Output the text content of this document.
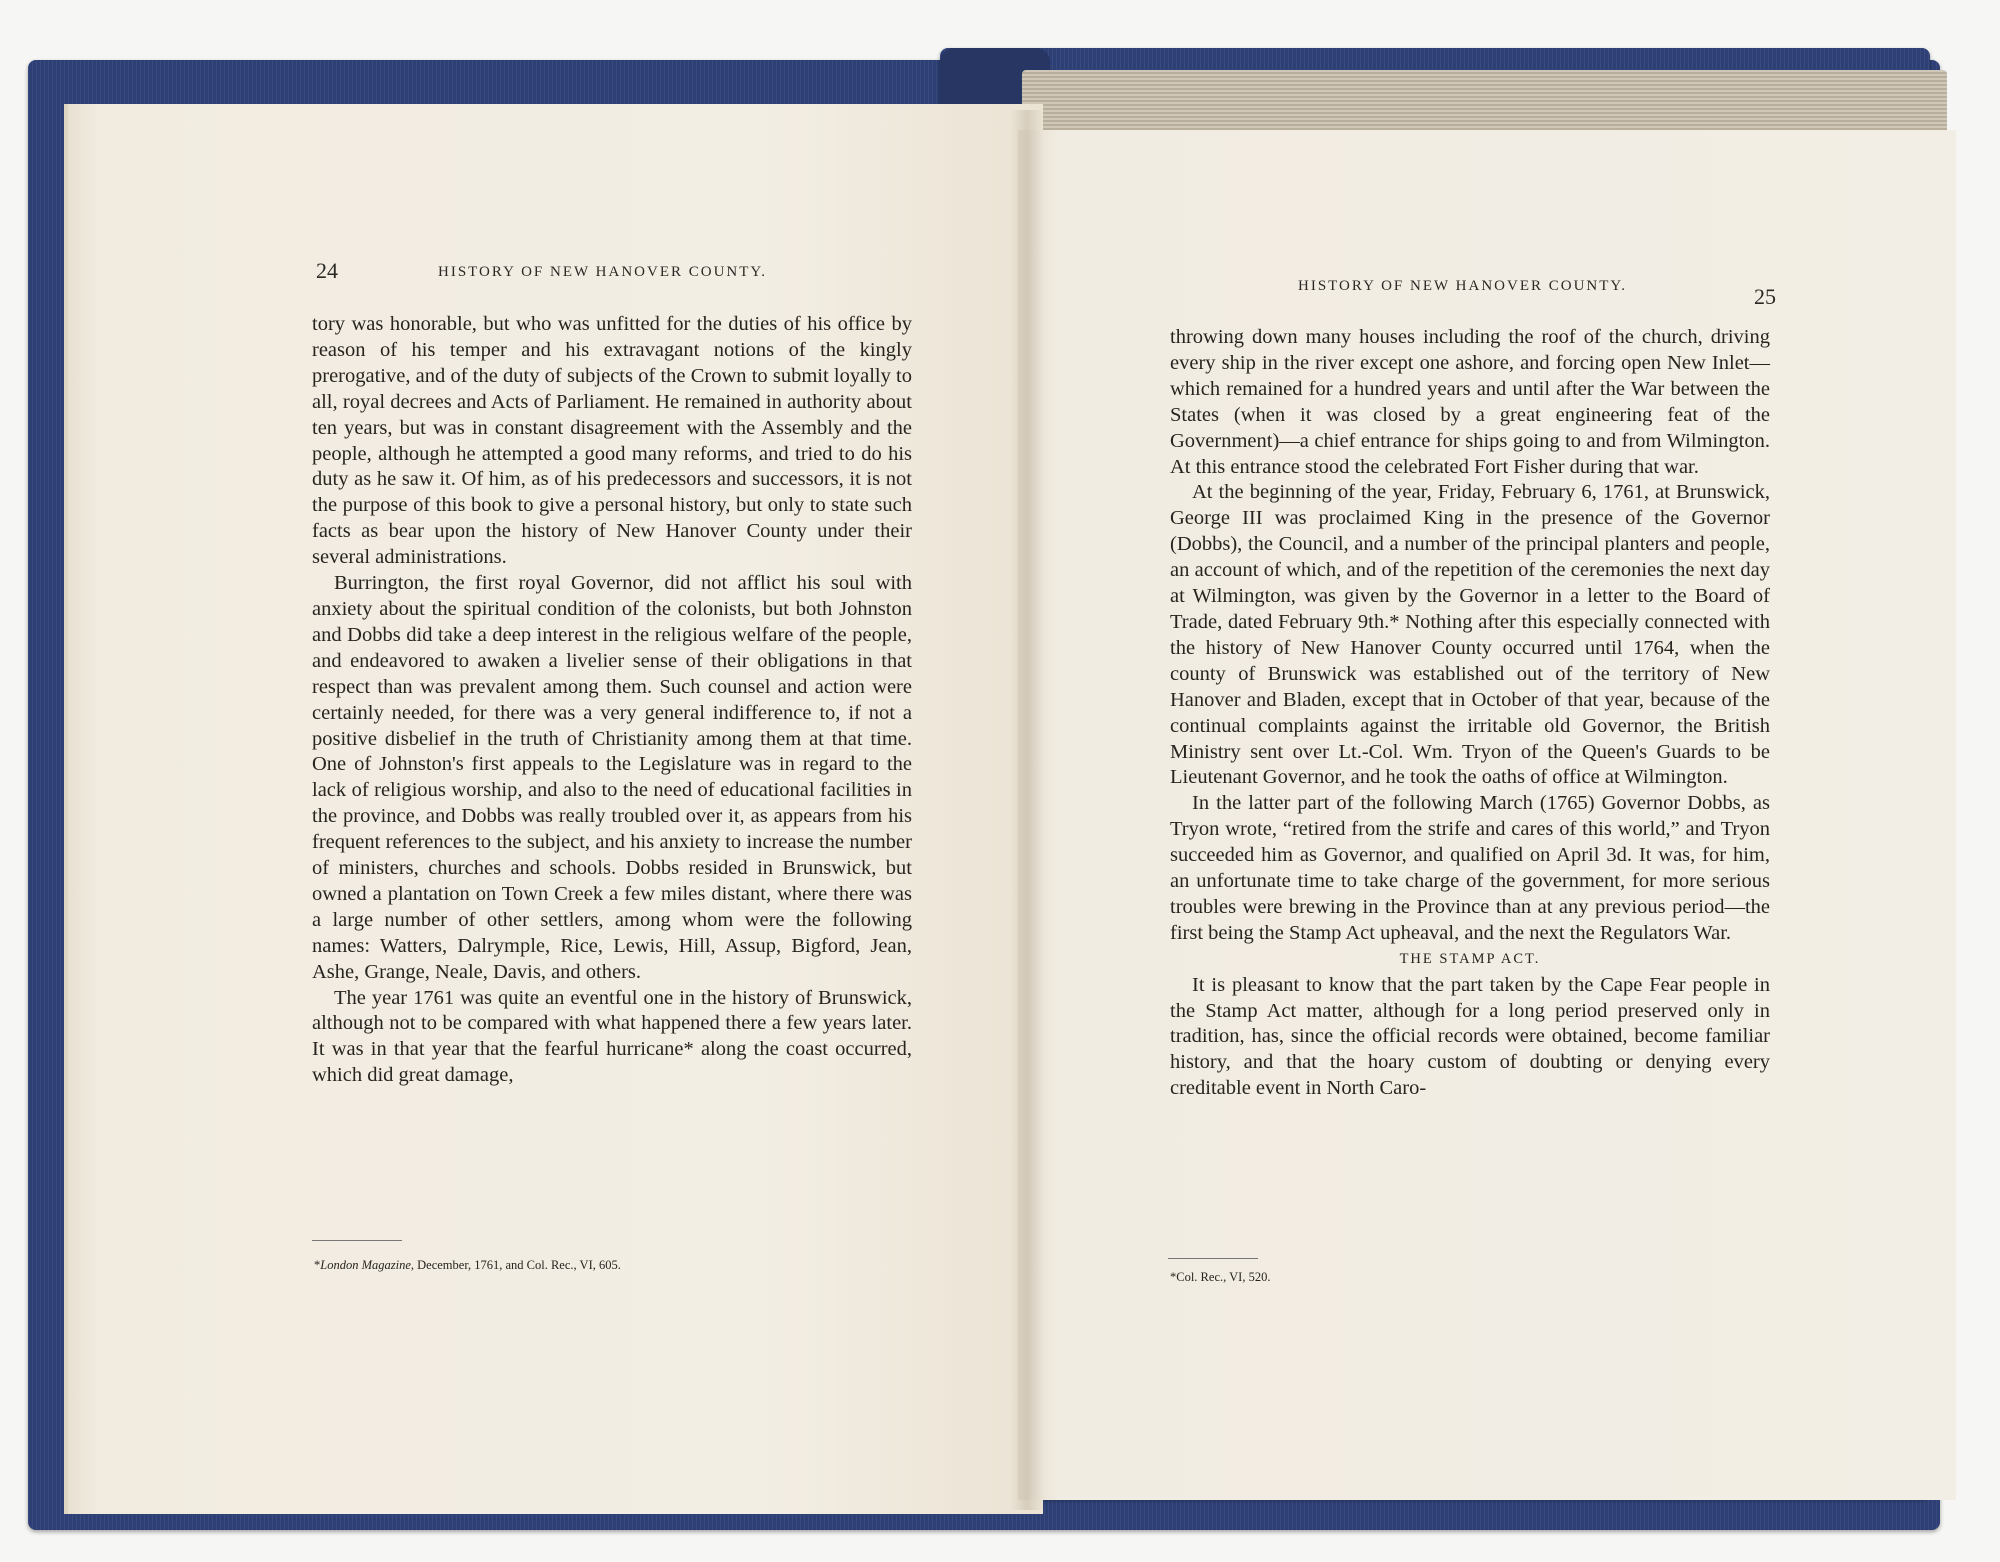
24	HISTORY OF NEW HANOVER COUNTY.

tory was honorable, but who was unfitted for the duties of his office by reason of his temper and his extravagant notions of the kingly prerogative, and of the duty of subjects of the Crown to submit loyally to all, royal decrees and Acts of Parliament. He remained in authority about ten years, but was in constant disagreement with the Assembly and the people, although he attempted a good many reforms, and tried to do his duty as he saw it. Of him, as of his predecessors and successors, it is not the purpose of this book to give a personal history, but only to state such facts as bear upon the history of New Hanover County under their several administrations.

Burrington, the first royal Governor, did not afflict his soul with anxiety about the spiritual condition of the colonists, but both Johnston and Dobbs did take a deep interest in the religious welfare of the people, and endeavored to awaken a livelier sense of their obligations in that respect than was prevalent among them. Such counsel and action were certainly needed, for there was a very general indifference to, if not a positive disbelief in the truth of Christianity among them at that time. One of Johnston's first appeals to the Legislature was in regard to the lack of religious worship, and also to the need of educational facilities in the province, and Dobbs was really troubled over it, as appears from his frequent references to the subject, and his anxiety to increase the number of ministers, churches and schools. Dobbs resided in Brunswick, but owned a plantation on Town Creek a few miles distant, where there was a large number of other settlers, among whom were the following names: Watters, Dalrymple, Rice, Lewis, Hill, Assup, Bigford, Jean, Ashe, Grange, Neale, Davis, and others.

The year 1761 was quite an eventful one in the history of Brunswick, although not to be compared with what happened there a few years later. It was in that year that the fearful hurricane* along the coast occurred, which did great damage,

*London Magazine, December, 1761, and Col. Rec., VI, 605.
HISTORY OF NEW HANOVER COUNTY.	25

throwing down many houses including the roof of the church, driving every ship in the river except one ashore, and forcing open New Inlet—which remained for a hundred years and until after the War between the States (when it was closed by a great engineering feat of the Government)—a chief entrance for ships going to and from Wilmington. At this entrance stood the celebrated Fort Fisher during that war.

At the beginning of the year, Friday, February 6, 1761, at Brunswick, George III was proclaimed King in the presence of the Governor (Dobbs), the Council, and a number of the principal planters and people, an account of which, and of the repetition of the ceremonies the next day at Wilmington, was given by the Governor in a letter to the Board of Trade, dated February 9th.* Nothing after this especially connected with the history of New Hanover County occurred until 1764, when the county of Brunswick was established out of the territory of New Hanover and Bladen, except that in October of that year, because of the continual complaints against the irritable old Governor, the British Ministry sent over Lt.-Col. Wm. Tryon of the Queen's Guards to be Lieutenant Governor, and he took the oaths of office at Wilmington.

In the latter part of the following March (1765) Governor Dobbs, as Tryon wrote, “retired from the strife and cares of this world,” and Tryon succeeded him as Governor, and qualified on April 3d. It was, for him, an unfortunate time to take charge of the government, for more serious troubles were brewing in the Province than at any previous period—the first being the Stamp Act upheaval, and the next the Regulators War.

THE STAMP ACT.

It is pleasant to know that the part taken by the Cape Fear people in the Stamp Act matter, although for a long period preserved only in tradition, has, since the official records were obtained, become familiar history, and that the hoary custom of doubting or denying every creditable event in North Caro-

*Col. Rec., VI, 520.
